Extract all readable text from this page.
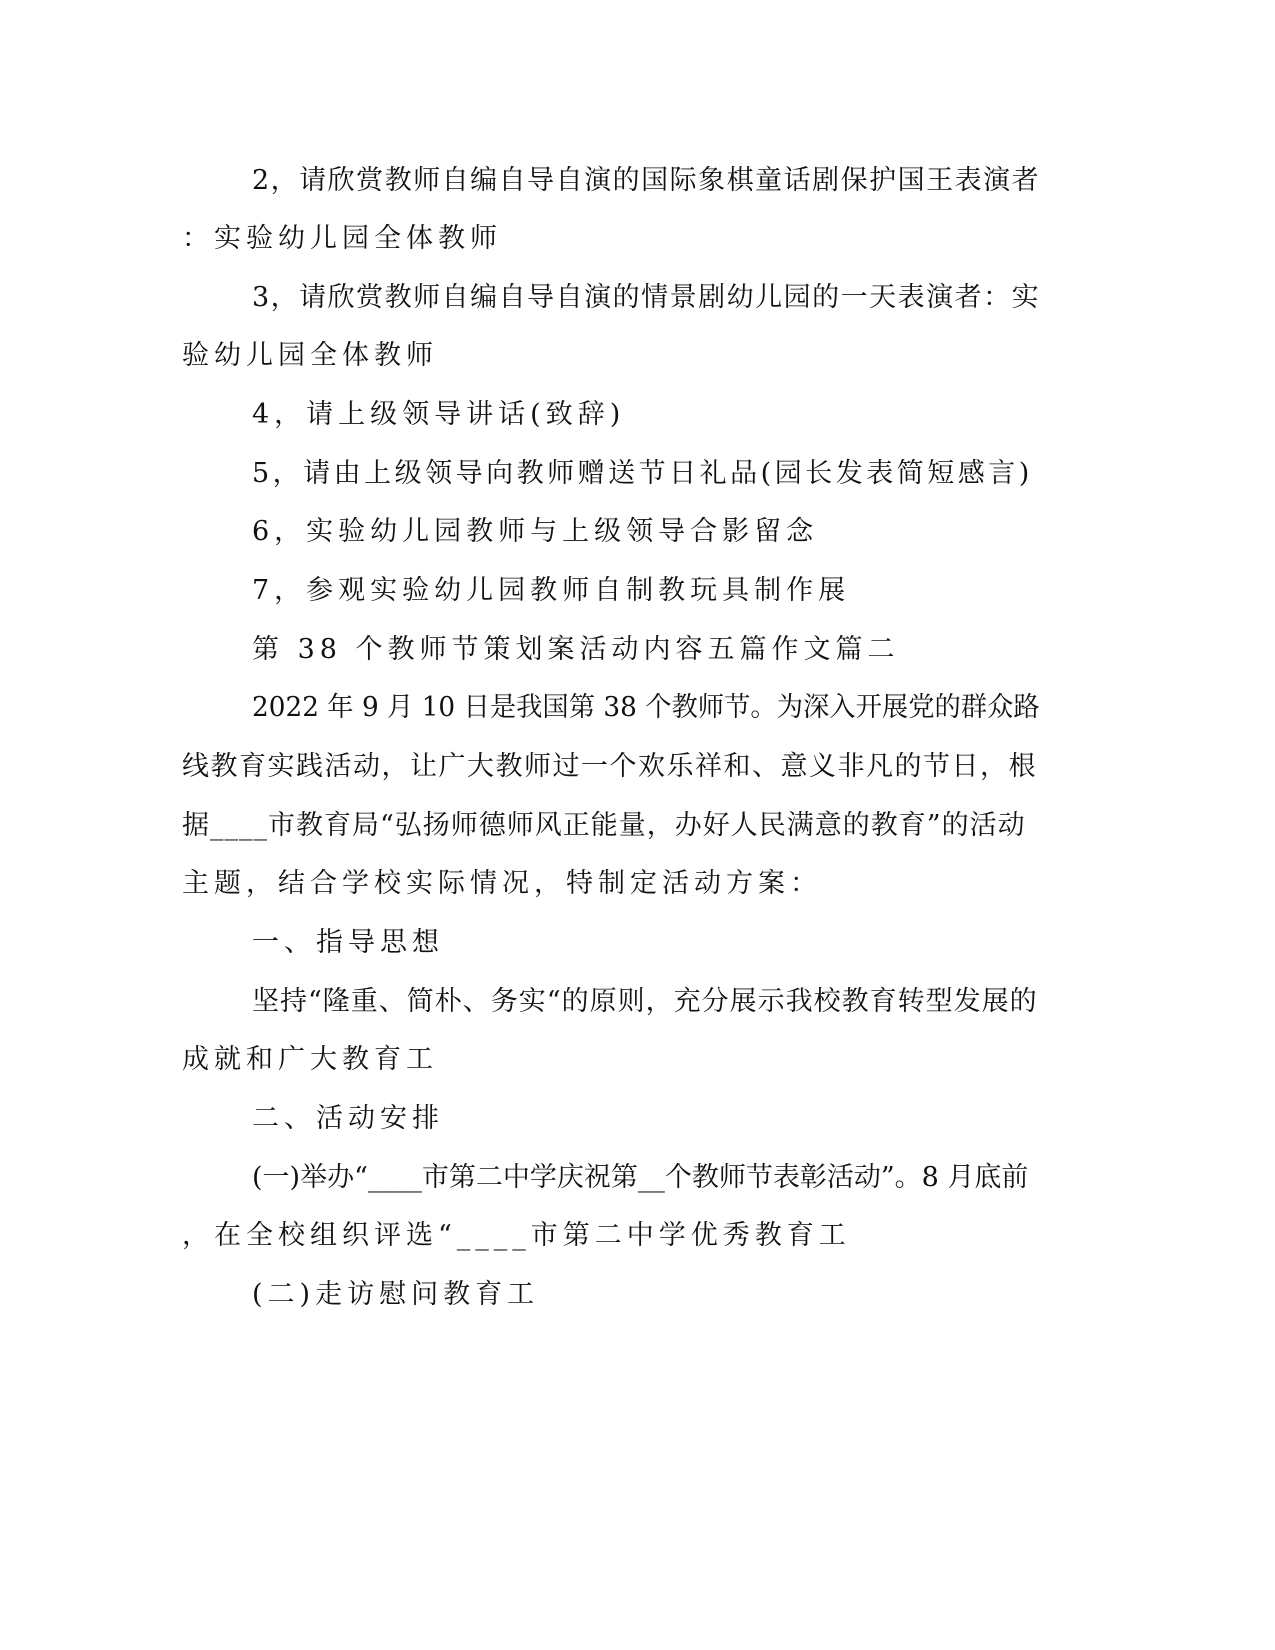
2，请欣赏教师自编自导自演的国际象棋童话剧保护国王表演者

：实验幼儿园全体教师

3，请欣赏教师自编自导自演的情景剧幼儿园的一天表演者：实

验幼儿园全体教师

4，请上级领导讲话(致辞)

5，请由上级领导向教师赠送节日礼品(园长发表简短感言)

6，实验幼儿园教师与上级领导合影留念

7，参观实验幼儿园教师自制教玩具制作展

第 38 个教师节策划案活动内容五篇作文篇二

2022 年 9 月 10 日是我国第 38 个教师节。为深入开展党的群众路

线教育实践活动，让广大教师过一个欢乐祥和、意义非凡的节日，根

据____市教育局“弘扬师德师风正能量，办好人民满意的教育”的活动

主题，结合学校实际情况，特制定活动方案：

一、指导思想

坚持“隆重、简朴、务实“的原则，充分展示我校教育转型发展的

成就和广大教育工

二、活动安排

(一)举办“____市第二中学庆祝第__个教师节表彰活动”。8 月底前

，在全校组织评选“____市第二中学优秀教育工

(二)走访慰问教育工
